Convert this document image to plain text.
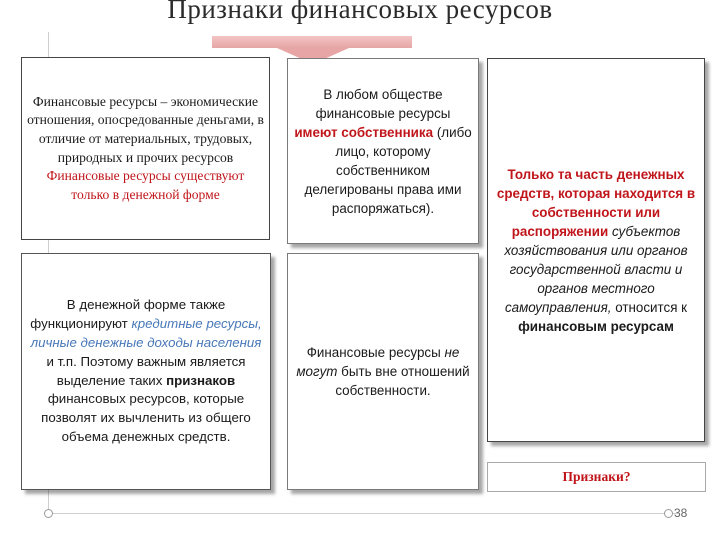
Признаки финансовых ресурсов
38
Финансовые ресурсы – экономические отношения, опосредованные деньгами, в отличие от материальных, трудовых, природных и прочих ресурсов
Финансовые ресурсы существуют только в денежной форме
В любом обществе финансовые ресурсы имеют собственника (либо лицо, которому собственником делегированы права ими распоряжаться).
Только та часть денежных средств, которая находится в собственности или распоряжении субъектов хозяйствования или органов государственной власти и органов местного самоуправления, относится к финансовым ресурсам
В денежной форме также функционируют кредитные ресурсы, личные денежные доходы населения и т.п. Поэтому важным является выделение таких признаков финансовых ресурсов, которые позволят их вычленить из общего объема денежных средств.
Финансовые ресурсы не могут быть вне отношений собственности.
Признаки?
